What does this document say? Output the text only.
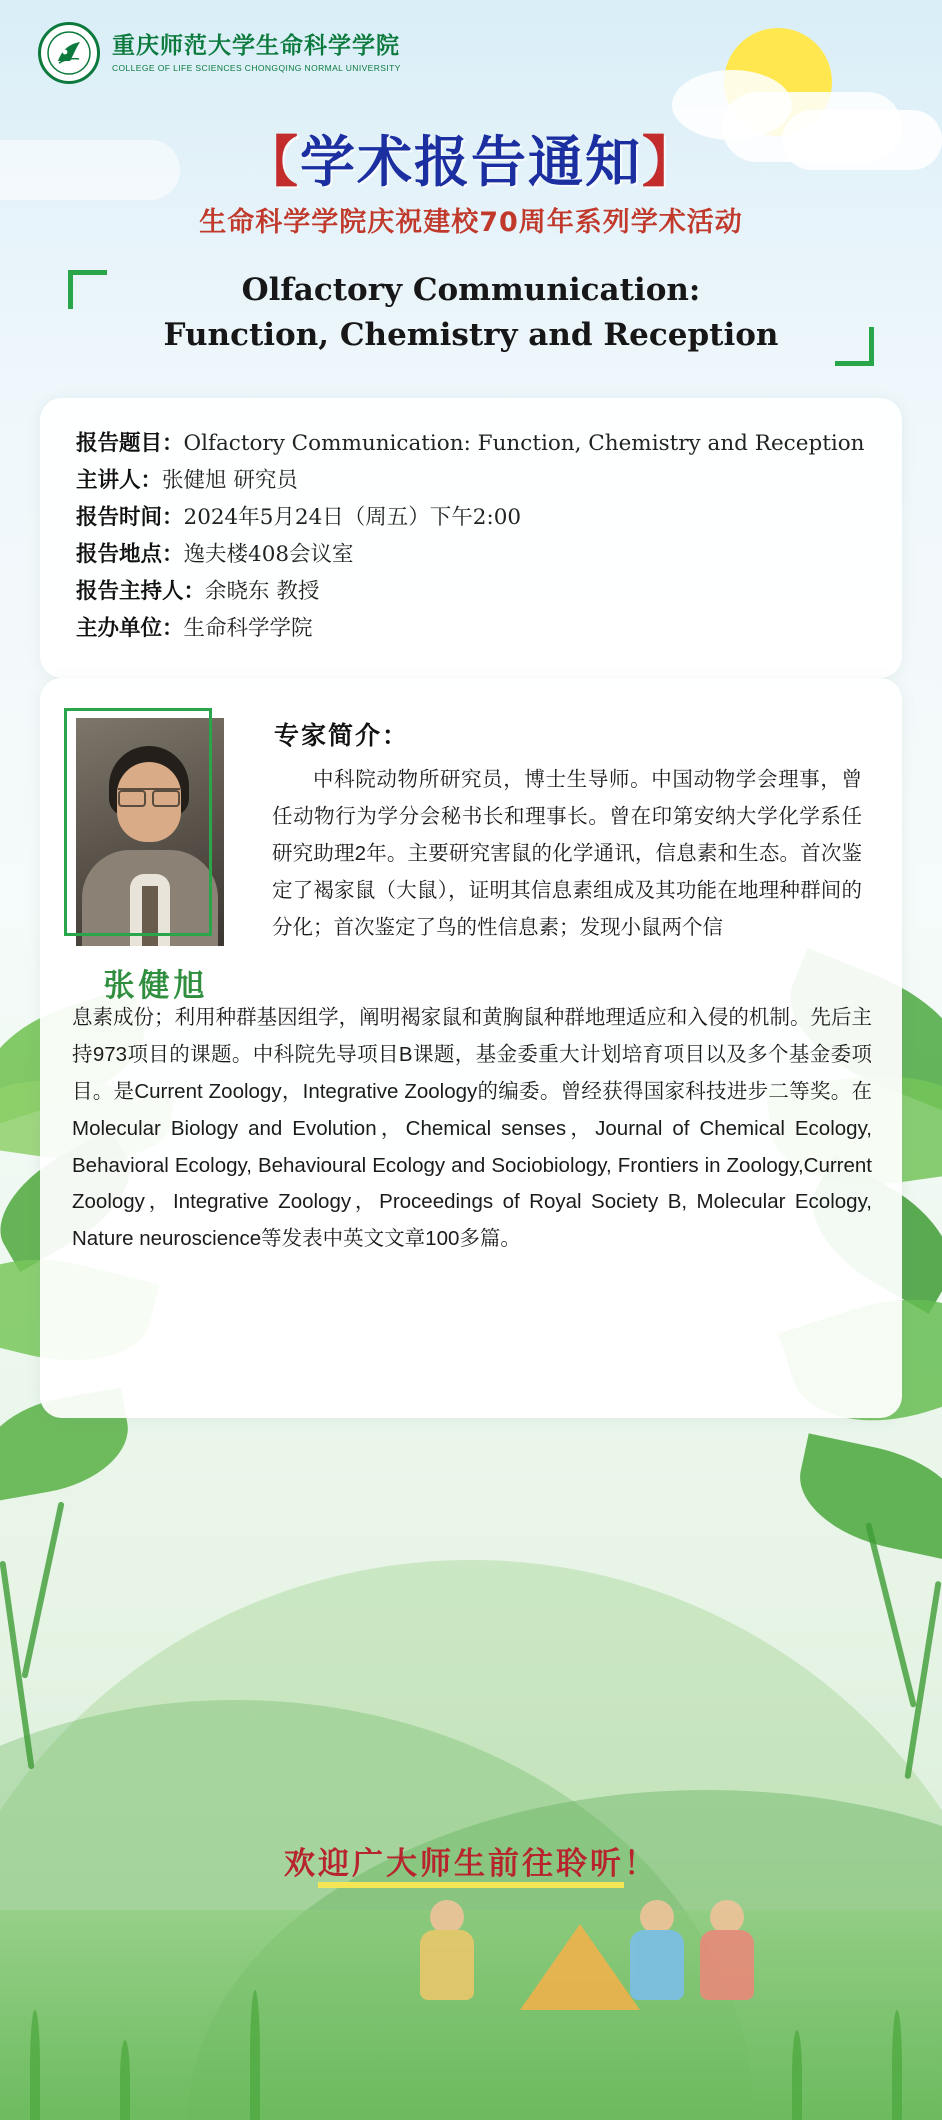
重庆师范大学生命科学学院
COLLEGE OF LIFE SCIENCES CHONGQING NORMAL UNIVERSITY
【学术报告通知】
生命科学学院庆祝建校70周年系列学术活动
Olfactory Communication:
Function, Chemistry and Reception
报告题目：Olfactory Communication: Function, Chemistry and Reception
主讲人：张健旭 研究员
报告时间：2024年5月24日（周五）下午2:00
报告地点：逸夫楼408会议室
报告主持人：余晓东 教授
主办单位：生命科学学院
张健旭
专家简介：
中科院动物所研究员，博士生导师。中国动物学会理事，曾任动物行为学分会秘书长和理事长。曾在印第安纳大学化学系任研究助理2年。主要研究害鼠的化学通讯，信息素和生态。首次鉴定了褐家鼠（大鼠），证明其信息素组成及其功能在地理种群间的分化；首次鉴定了鸟的性信息素；发现小鼠两个信
息素成份；利用种群基因组学，阐明褐家鼠和黄胸鼠种群地理适应和入侵的机制。先后主持973项目的课题。中科院先导项目B课题，基金委重大计划培育项目以及多个基金委项目。是Current Zoology，Integrative Zoology的编委。曾经获得国家科技进步二等奖。在Molecular Biology and Evolution，Chemical senses，Journal of Chemical Ecology, Behavioral Ecology, Behavioural Ecology and Sociobiology, Frontiers in Zoology,Current Zoology，Integrative Zoology，Proceedings of Royal Society B, Molecular Ecology, Nature neuroscience等发表中英文文章100多篇。
欢迎广大师生前往聆听！
